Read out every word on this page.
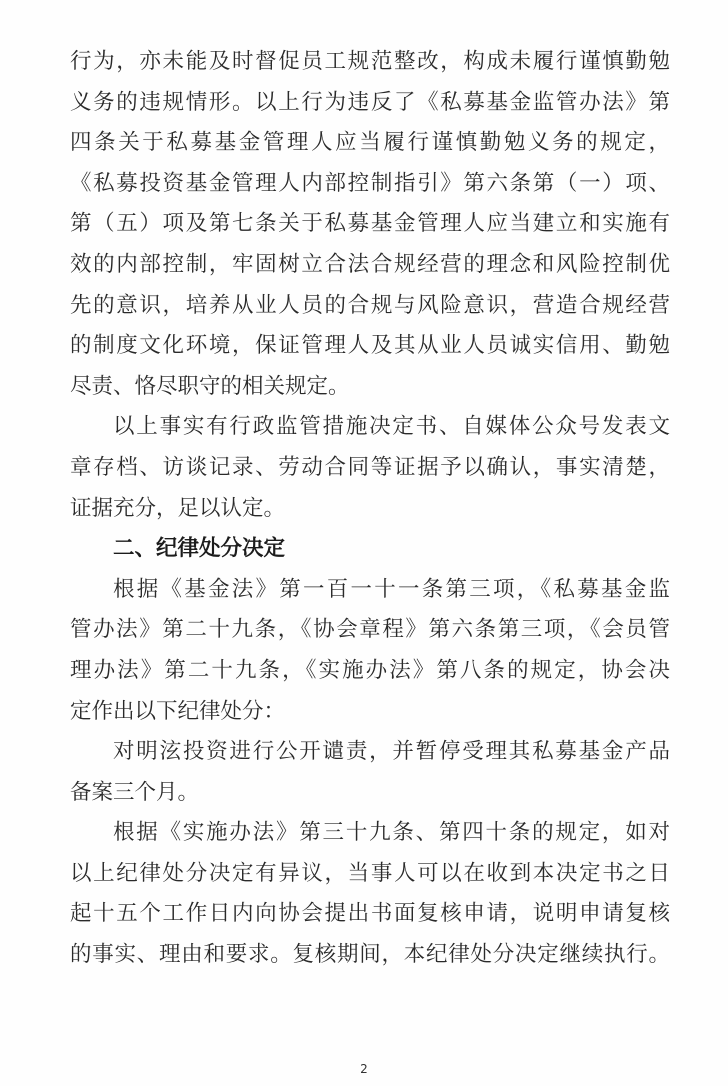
行为，亦未能及时督促员工规范整改，构成未履行谨慎勤勉
义务的违规情形。以上行为违反了《私募基金监管办法》第
四条关于私募基金管理人应当履行谨慎勤勉义务的规定，
《私募投资基金管理人内部控制指引》第六条第（一）项、
第（五）项及第七条关于私募基金管理人应当建立和实施有
效的内部控制，牢固树立合法合规经营的理念和风险控制优
先的意识，培养从业人员的合规与风险意识，营造合规经营
的制度文化环境，保证管理人及其从业人员诚实信用、勤勉
尽责、恪尽职守的相关规定。
以上事实有行政监管措施决定书、自媒体公众号发表文
章存档、访谈记录、劳动合同等证据予以确认，事实清楚，
证据充分，足以认定。
二、纪律处分决定
根据《基金法》第一百一十一条第三项，《私募基金监
管办法》第二十九条，《协会章程》第六条第三项，《会员管
理办法》第二十九条，《实施办法》第八条的规定，协会决
定作出以下纪律处分：
对明泫投资进行公开谴责，并暂停受理其私募基金产品
备案三个月。
根据《实施办法》第三十九条、第四十条的规定，如对
以上纪律处分决定有异议，当事人可以在收到本决定书之日
起十五个工作日内向协会提出书面复核申请，说明申请复核
的事实、理由和要求。复核期间，本纪律处分决定继续执行。
2
